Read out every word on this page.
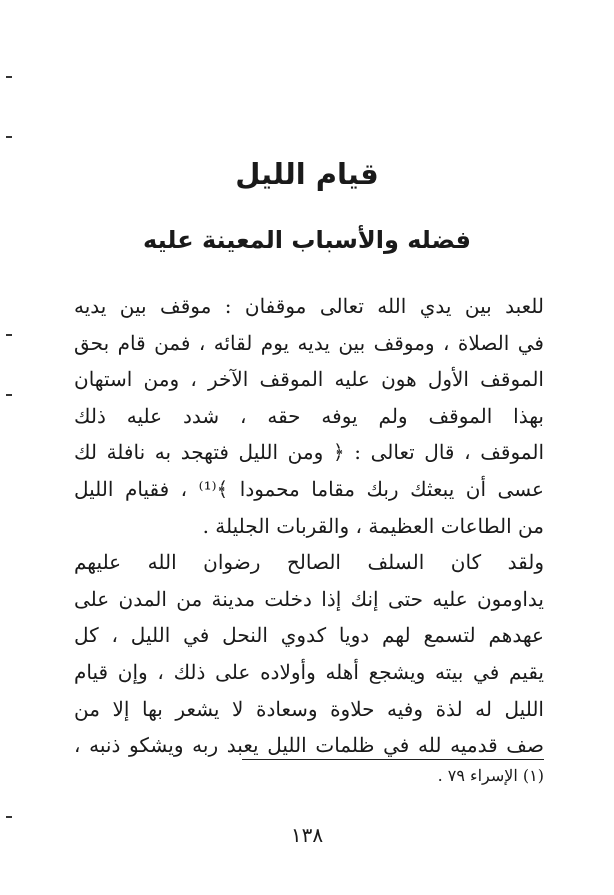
قيام الليل
فضله والأسباب المعينة عليه
للعبد بين يدي الله تعالى موقفان : موقف بين يديه
في الصلاة ، وموقف بين يديه يوم لقائه ، فمن قام بحق
الموقف الأول هون عليه الموقف الآخر ، ومن استهان
بهذا الموقف ولم يوفه حقه ، شدد عليه ذلك
الموقف ، قال تعالى : ﴿ ومن الليل فتهجد به نافلة لك
عسى أن يبعثك ربك مقاما محمودا ﴾⁽¹⁾ ، فقيام الليل
من الطاعات العظيمة ، والقربات الجليلة .
ولقد كان السلف الصالح رضوان الله عليهم
يداومون عليه حتى إنك إذا دخلت مدينة من المدن على
عهدهم لتسمع لهم دويا كدوي النحل في الليل ، كل
يقيم في بيته ويشجع أهله وأولاده على ذلك ، وإن قيام
الليل له لذة وفيه حلاوة وسعادة لا يشعر بها إلا من
صف قدميه لله في ظلمات الليل يعبد ربه ويشكو ذنبه ،
(١) الإسراء ٧٩ .
١٣٨
